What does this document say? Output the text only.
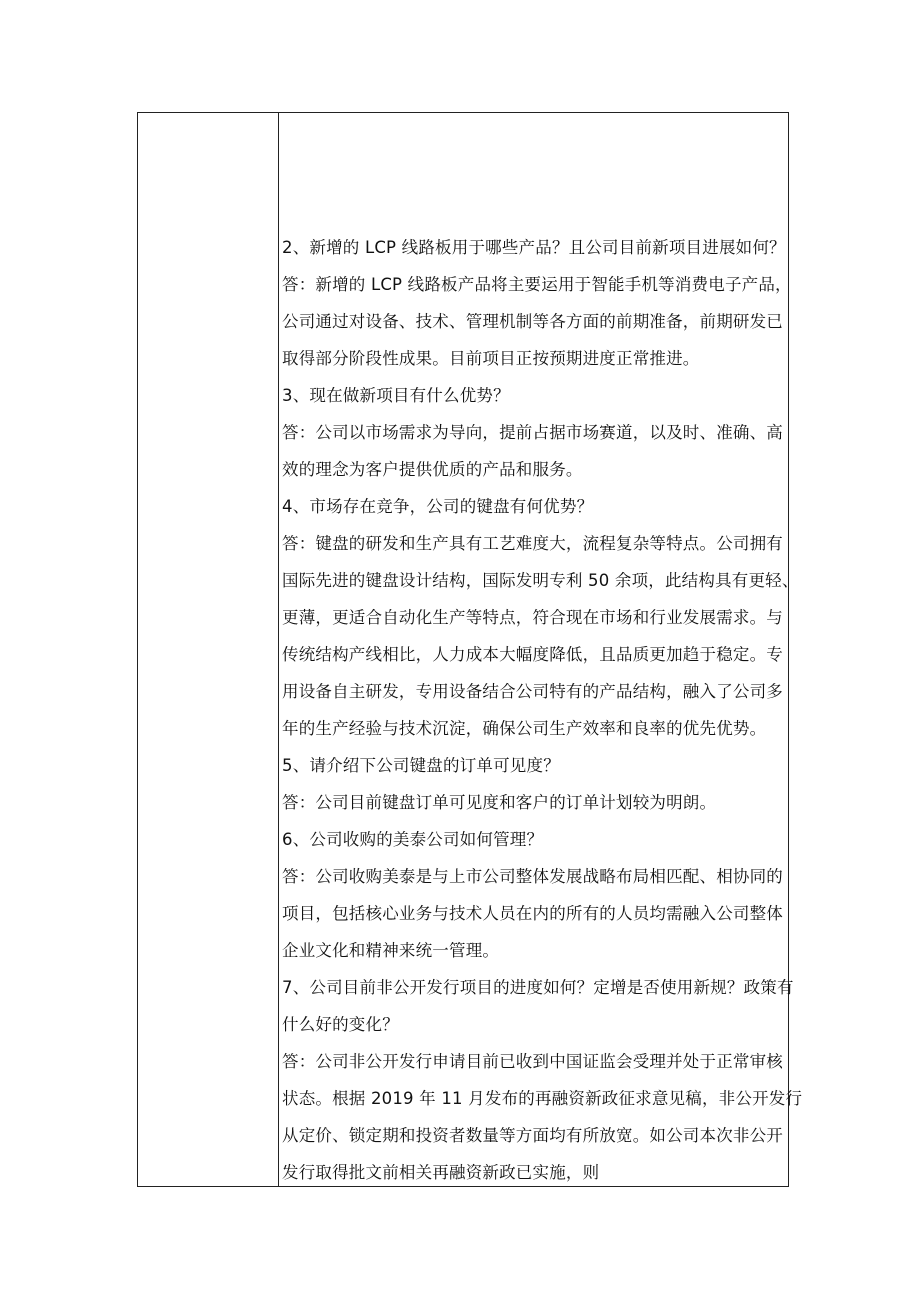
2、新增的 LCP 线路板用于哪些产品？且公司目前新项目进展如何？
答：新增的 LCP 线路板产品将主要运用于智能手机等消费电子产品，
公司通过对设备、技术、管理机制等各方面的前期准备，前期研发已
取得部分阶段性成果。目前项目正按预期进度正常推进。
3、现在做新项目有什么优势？
答：公司以市场需求为导向，提前占据市场赛道，以及时、准确、高
效的理念为客户提供优质的产品和服务。
4、市场存在竞争，公司的键盘有何优势？
答：键盘的研发和生产具有工艺难度大，流程复杂等特点。公司拥有
国际先进的键盘设计结构，国际发明专利 50 余项，此结构具有更轻、
更薄，更适合自动化生产等特点，符合现在市场和行业发展需求。与
传统结构产线相比，人力成本大幅度降低，且品质更加趋于稳定。专
用设备自主研发，专用设备结合公司特有的产品结构，融入了公司多
年的生产经验与技术沉淀，确保公司生产效率和良率的优先优势。
5、请介绍下公司键盘的订单可见度？
答：公司目前键盘订单可见度和客户的订单计划较为明朗。
6、公司收购的美泰公司如何管理？
答：公司收购美泰是与上市公司整体发展战略布局相匹配、相协同的
项目，包括核心业务与技术人员在内的所有的人员均需融入公司整体
企业文化和精神来统一管理。
7、公司目前非公开发行项目的进度如何？定增是否使用新规？政策有
什么好的变化？
答：公司非公开发行申请目前已收到中国证监会受理并处于正常审核
状态。根据 2019 年 11 月发布的再融资新政征求意见稿，非公开发行
从定价、锁定期和投资者数量等方面均有所放宽。如公司本次非公开
发行取得批文前相关再融资新政已实施，则
